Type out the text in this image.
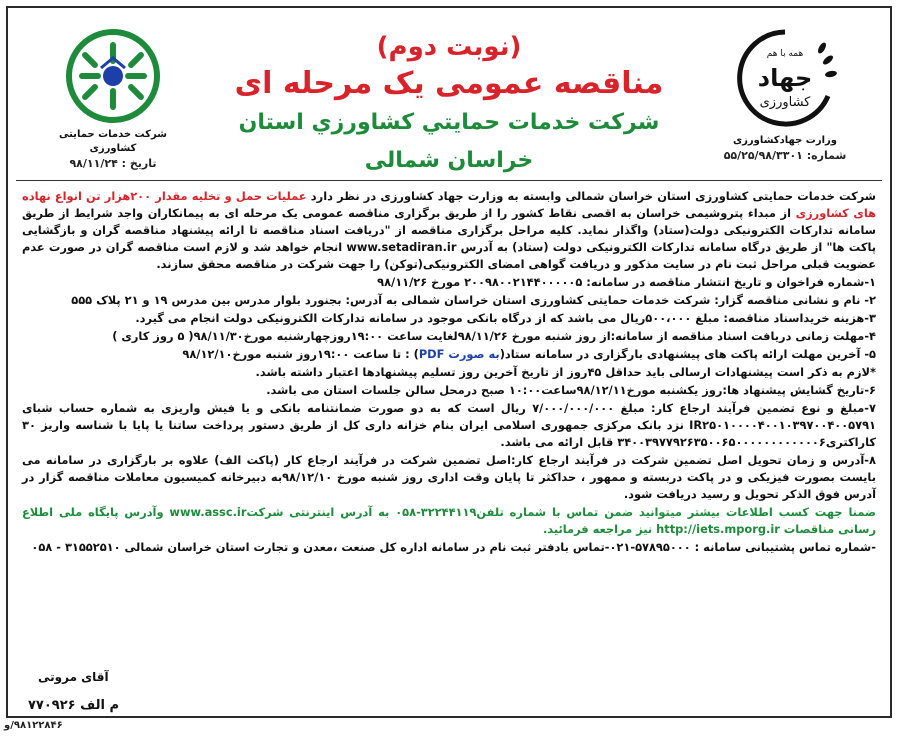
شرکت خدمات حمایتی کشاورزی
تاریخ : ۹۸/۱۱/۲۴
(نوبت دوم)
مناقصه عمومی یک مرحله ای
شرکت خدمات حمايتي کشاورزي استان خراسان شمالی
همه با هم
جهاد
کشاورزی
وزارت جهادکشاورزی
شماره: ۵۵/۲۵/۹۸/۳۳۰۱

شرکت خدمات حمایتی کشاورزی استان خراسان شمالی وابسته به وزارت جهاد کشاورزی در نظر دارد عملیات حمل و تخلیه مقدار ۲۰۰هزار تن انواع نهاده های کشاورزی از مبداء پتروشیمی خراسان به اقصی نقاط کشور را از طریق برگزاری مناقصه عمومی یک مرحله ای به پیمانکاران واجد شرایط از طریق سامانه تدارکات الکترونیکی دولت(ستاد) واگذار نماید. کلیه مراحل برگزاری مناقصه از "دریافت اسناد مناقصه تا ارائه پیشنهاد مناقصه گران و بازگشایی پاکت ها" از طریق درگاه سامانه تدارکات الکترونیکی دولت (ستاد) به آدرس www.setadiran.ir انجام خواهد شد و لازم است مناقصه گران در صورت عدم عضویت قبلی مراحل ثبت نام در سایت مذکور و دریافت گواهی امضای الکترونیکی(توکن) را جهت شرکت در مناقصه محقق سازند.

۱-شماره فراخوان و تاریخ انتشار مناقصه در سامانه: ۲۰۰۹۸۰۰۲۱۴۴۰۰۰۰۰۵ مورخ ۹۸/۱۱/۲۶

۲- نام و نشانی مناقصه گزار: شرکت خدمات حمایتی کشاورزی استان خراسان شمالی به آدرس: بجنورد بلوار مدرس بین مدرس ۱۹ و ۲۱ پلاک ۵۵۵

۳-هزینه خریداسناد مناقصه: مبلغ ۵۰۰،۰۰۰ریال می باشد که از درگاه بانکی موجود در سامانه تدارکات الکترونیکی دولت انجام می گیرد.

۴-مهلت زمانی دریافت اسناد مناقصه از سامانه:از روز شنبه مورخ ۹۸/۱۱/۲۶لغایت ساعت ۱۹:۰۰روزچهارشنبه مورخ۹۸/۱۱/۳۰( ۵ روز کاری )

۵- آخرین مهلت ارائه پاکت های پیشنهادی بارگزاری در سامانه ستاد(به صورت PDF) : تا ساعت ۱۹:۰۰روز شنبه مورخ۹۸/۱۲/۱۰

*لازم به ذکر است پیشنهادات ارسالی باید حداقل ۴۵روز از تاریخ آخرین روز تسلیم پیشنهادها اعتبار داشته باشد.

۶-تاریخ گشایش پیشنهاد ها:روز یکشنبه مورخ۹۸/۱۲/۱۱ساعت۱۰:۰۰ صبح درمحل سالن جلسات استان می باشد.

۷-مبلغ و نوع تضمین فرآیند ارجاع کار: مبلغ ۷/۰۰۰/۰۰۰/۰۰۰ ریال است که به دو صورت ضمانتنامه بانکی و یا فیش واریزی به شماره حساب شبای IR۲۵۰۱۰۰۰۰۴۰۰۱۰۳۹۷۰۰۴۰۰۵۷۹۱ نزد بانک مرکزی جمهوری اسلامی ایران بنام خزانه داری کل از طریق دستور پرداخت ساتنا یا پایا با شناسه واریز ۳۰ کاراکتری۳۴۰۰۳۹۷۷۹۲۶۳۵۰۰۶۵۰۰۰۰۰۰۰۰۰۰۰۰۶ قابل ارائه می باشد.

۸-آدرس و زمان تحویل اصل تضمین شرکت در فرآیند ارجاع کار:اصل تضمین شرکت در فرآیند ارجاع کار (پاکت الف) علاوه بر بارگزاری در سامانه می بایست بصورت فیزیکی و در پاکت دربسته و ممهور ، حداکثر تا پایان وقت اداری روز شنبه مورخ ۹۸/۱۲/۱۰به دبیرخانه کمیسیون معاملات مناقصه گزار در آدرس فوق الذکر تحویل و رسید دریافت شود.

ضمنا جهت کسب اطلاعات بیشتر میتوانید ضمن تماس با شماره تلفن۳۲۲۴۴۱۱۹-۰۵۸ به آدرس اینترنتی شرکتwww.assc.ir وآدرس پایگاه ملی اطلاع رسانی مناقصات http://iets.mporg.ir نیز مراجعه فرمائید.

-شماره تماس پشتیبانی سامانه : ۵۷۸۹۵۰۰۰-۰۲۱-تماس بادفتر ثبت نام در سامانه اداره کل صنعت ،معدن و تجارت استان خراسان شمالی ۳۱۵۵۲۵۱۰ - ۰۵۸

آقای مروتی
م الف ۷۷۰۹۲۶
۹۸۱۲۲۸۴۶/و
